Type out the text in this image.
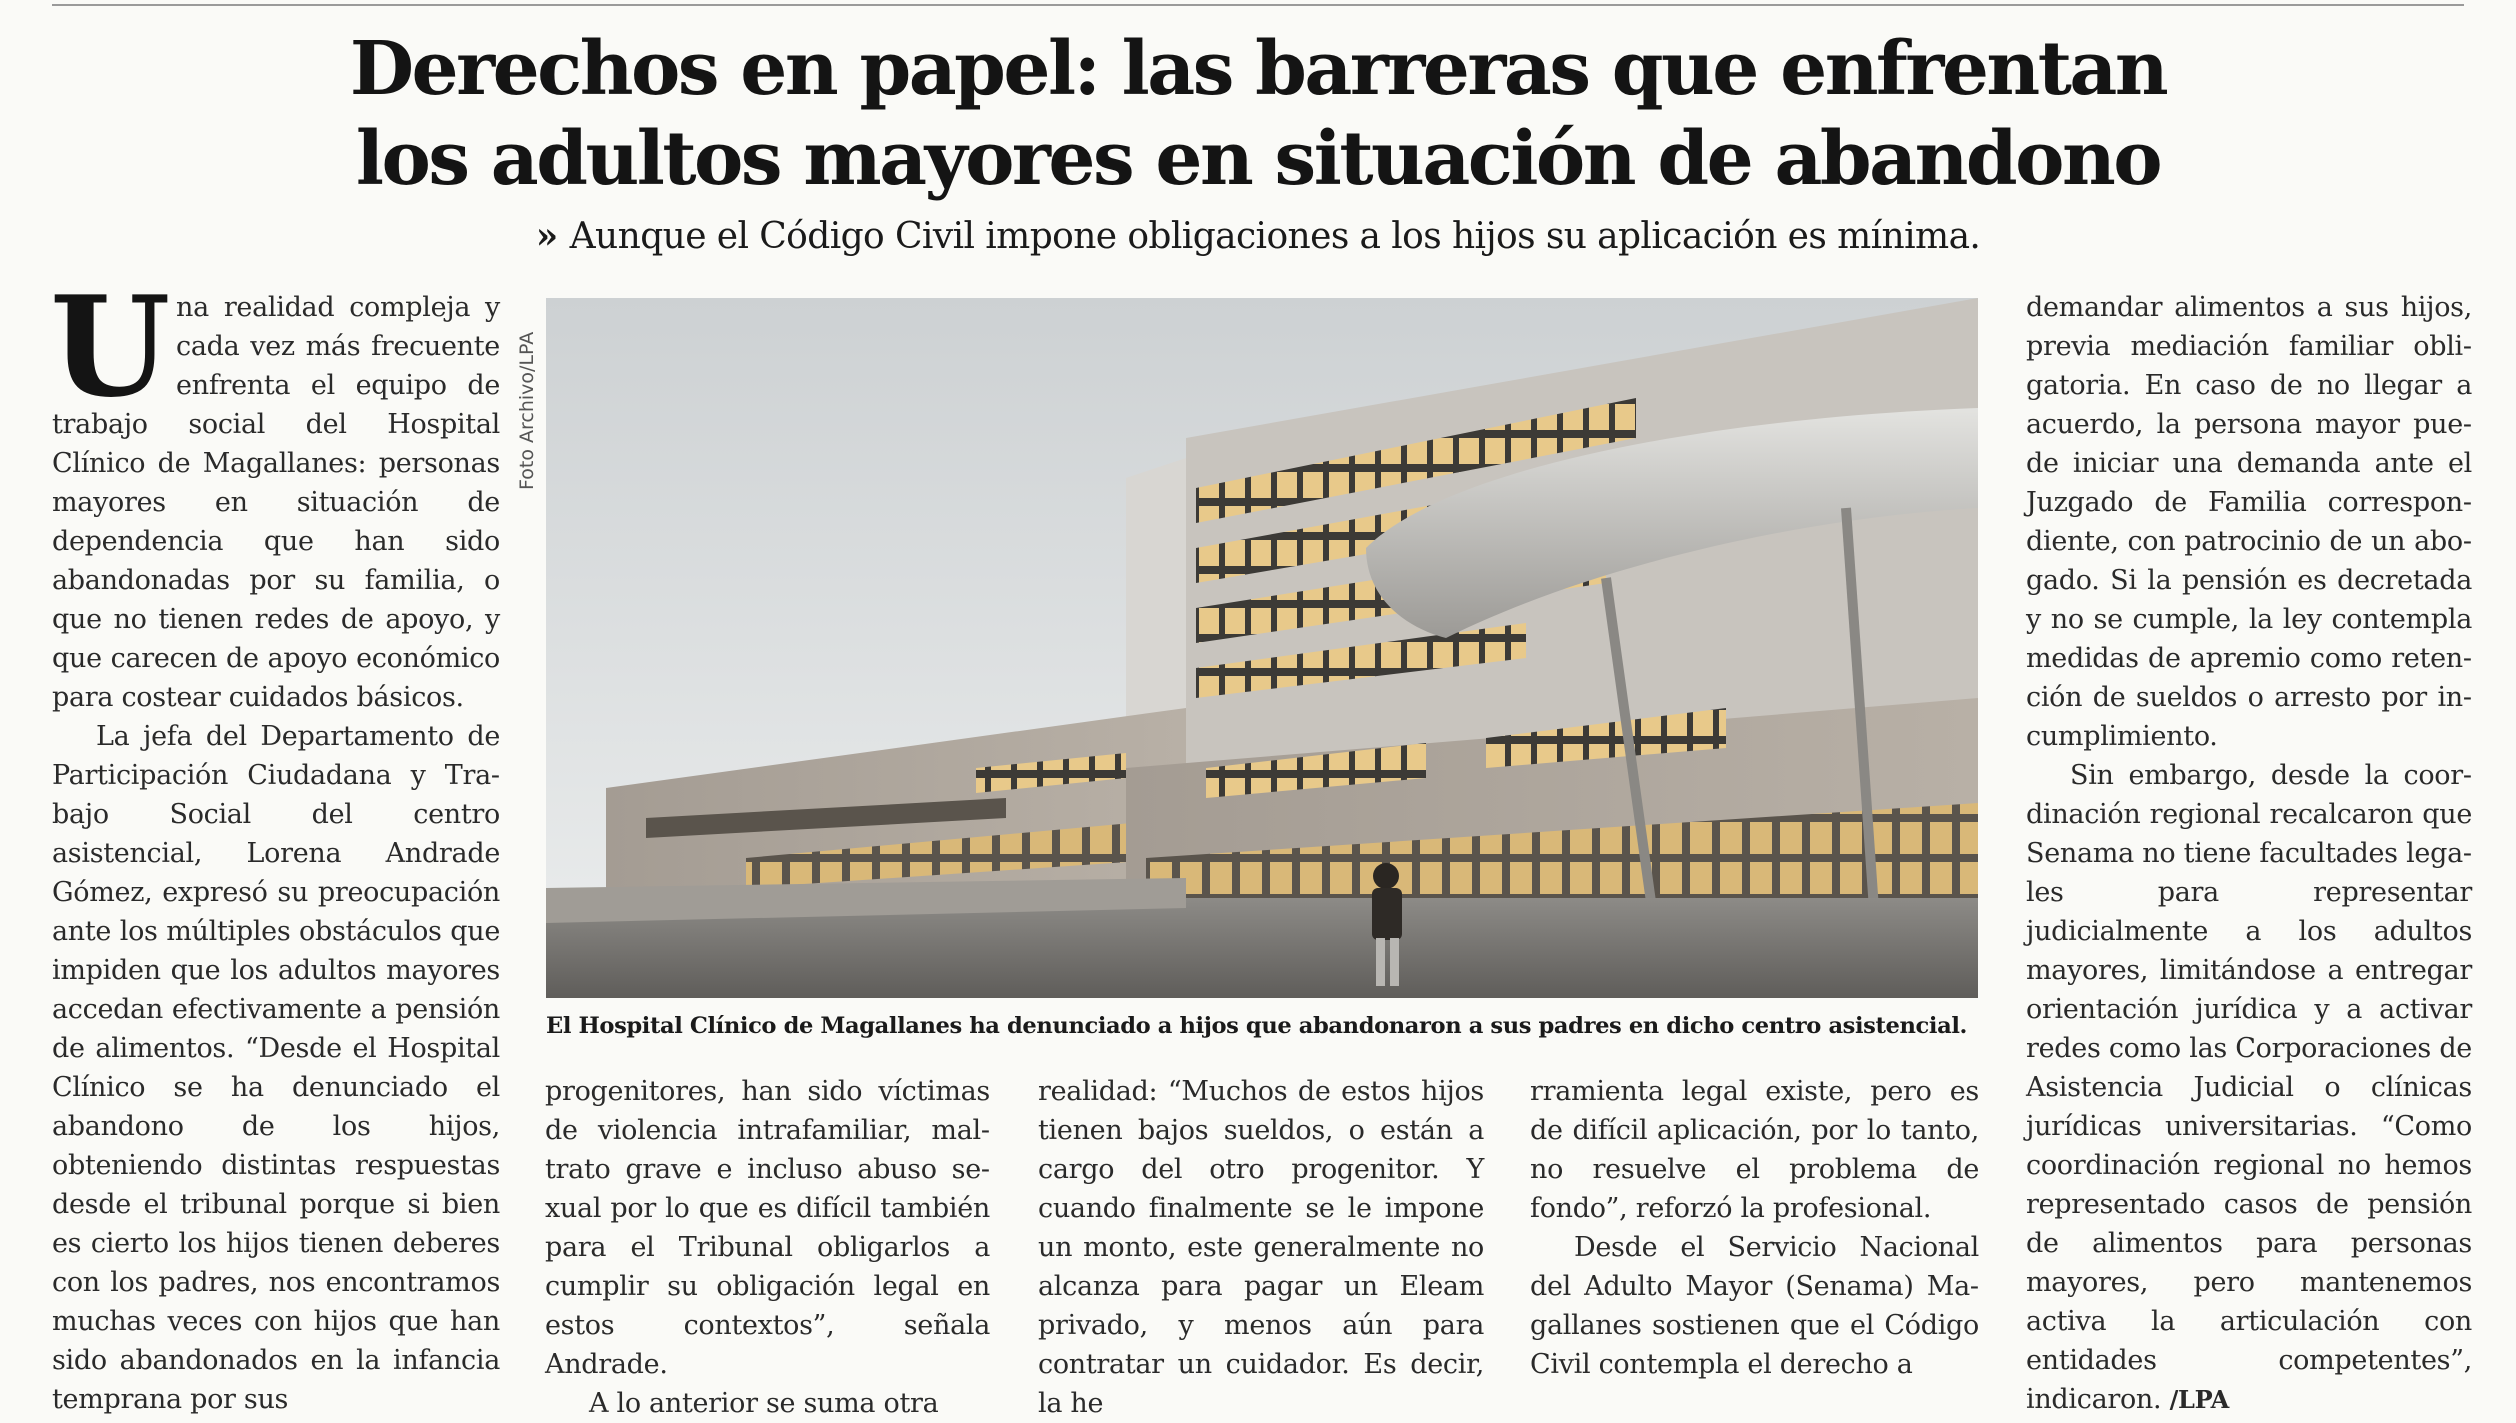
Derechos en papel: las barreras que enfrentan
los adultos mayores en situación de abandono

» Aunque el Código Civil impone obligaciones a los hijos su aplicación es mínima.

Una realidad compleja y cada vez más frecuente enfrenta el equipo de trabajo social del Hospital Clínico de Magallanes: personas mayores en situación de dependencia que han sido abandonadas por su familia, o que no tienen redes de apoyo, y que carecen de apoyo económico para costear cuidados básicos.

La jefa del Departamento de Participación Ciudadana y Trabajo Social del centro asistencial, Lorena Andrade Gómez, expresó su preocupación ante los múltiples obstáculos que impiden que los adultos mayores accedan efectivamente a pensión de alimentos. “Desde el Hospital Clínico se ha denunciado el abandono de los hijos, obteniendo distintas respuestas desde el tribunal porque si bien es cierto los hijos tienen deberes con los padres, nos encontramos muchas veces con hijos que han sido abandonados en la infancia temprana por sus

Foto Archivo/LPA

El Hospital Clínico de Magallanes ha denunciado a hijos que abandonaron a sus padres en dicho centro asistencial.

progenitores, han sido víctimas de violencia intrafamiliar, maltrato grave e incluso abuso sexual por lo que es difícil también para el Tribunal obligarlos a cumplir su obligación legal en estos contextos”, señala Andrade.

A lo anterior se suma otra

realidad: “Muchos de estos hijos tienen bajos sueldos, o están a cargo del otro progenitor. Y cuando finalmente se le impone un monto, este generalmente no alcanza para pagar un Eleam privado, y menos aún para contratar un cuidador. Es decir, la he

rramienta legal existe, pero es de difícil aplicación, por lo tanto, no resuelve el problema de fondo”, reforzó la profesional.

Desde el Servicio Nacional del Adulto Mayor (Senama) Magallanes sostienen que el Código Civil contempla el derecho a

demandar alimentos a sus hijos, previa mediación familiar obligatoria. En caso de no llegar a acuerdo, la persona mayor puede iniciar una demanda ante el Juzgado de Familia correspondiente, con patrocinio de un abogado. Si la pensión es decretada y no se cumple, la ley contempla medidas de apremio como retención de sueldos o arresto por incumplimiento.

Sin embargo, desde la coordinación regional recalcaron que Senama no tiene facultades legales para representar judicialmente a los adultos mayores, limitándose a entregar orientación jurídica y a activar redes como las Corporaciones de Asistencia Judicial o clínicas jurídicas universitarias. “Como coordinación regional no hemos representado casos de pensión de alimentos para personas mayores, pero mantenemos activa la articulación con entidades competentes”, indicaron. /LPA
